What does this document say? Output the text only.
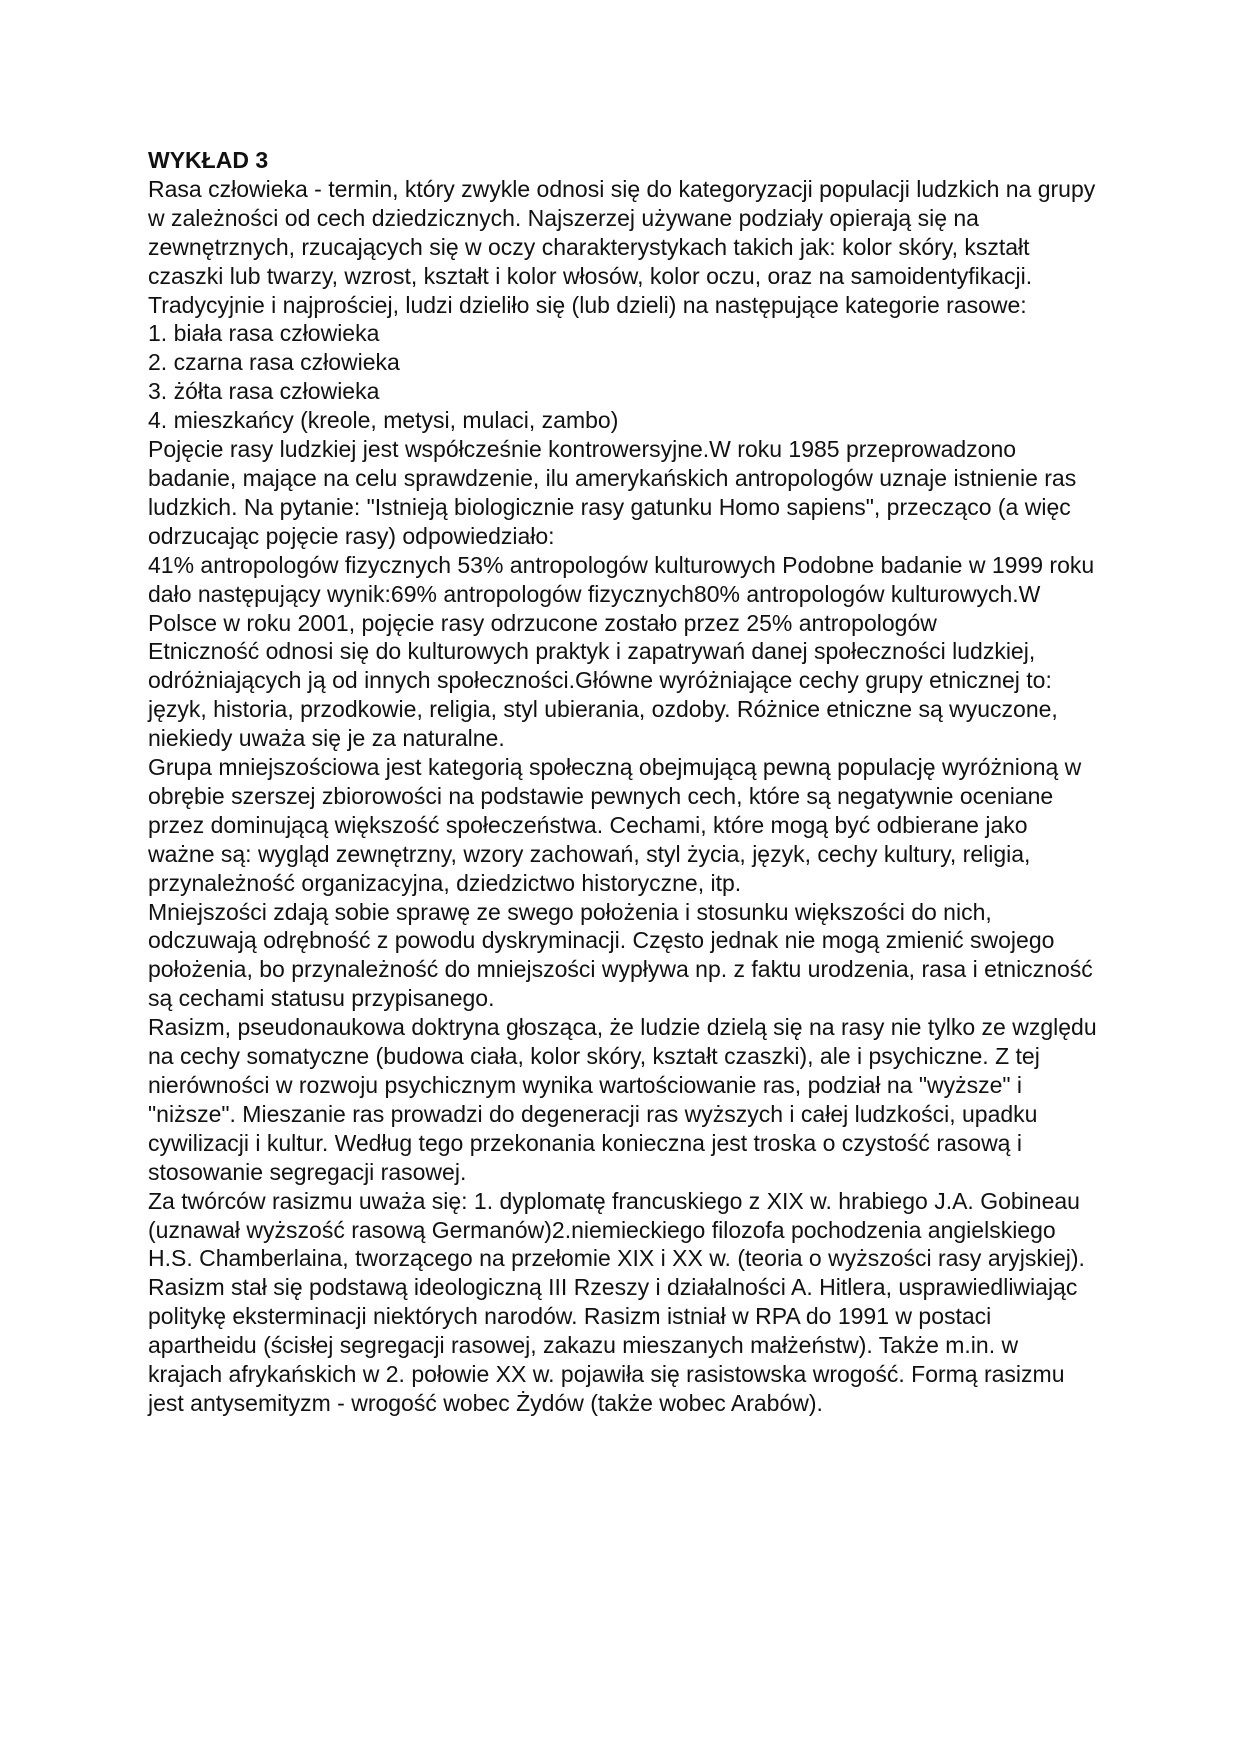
WYKŁAD 3

Rasa człowieka - termin, który zwykle odnosi się do kategoryzacji populacji ludzkich na grupy w zależności od cech dziedzicznych. Najszerzej używane podziały opierają się na zewnętrznych, rzucających się w oczy charakterystykach takich jak: kolor skóry, kształt czaszki lub twarzy, wzrost, kształt i kolor włosów, kolor oczu, oraz na samoidentyfikacji.

Tradycyjnie i najprościej, ludzi dzieliło się (lub dzieli) na następujące kategorie rasowe:

1. biała rasa człowieka
2. czarna rasa człowieka
3. żółta rasa człowieka
4. mieszkańcy (kreole, metysi, mulaci, zambo)

Pojęcie rasy ludzkiej jest współcześnie kontrowersyjne.W roku 1985 przeprowadzono badanie, mające na celu sprawdzenie, ilu amerykańskich antropologów uznaje istnienie ras ludzkich. Na pytanie: "Istnieją biologicznie rasy gatunku Homo sapiens", przecząco (a więc odrzucając pojęcie rasy) odpowiedziało:

41% antropologów fizycznych 53% antropologów kulturowych Podobne badanie w 1999 roku dało następujący wynik:69% antropologów fizycznych80% antropologów kulturowych.W Polsce w roku 2001, pojęcie rasy odrzucone zostało przez 25% antropologów

Etniczność odnosi się do kulturowych praktyk i zapatrywań danej społeczności ludzkiej, odróżniających ją od innych społeczności.Główne wyróżniające cechy grupy etnicznej to: język, historia, przodkowie, religia, styl ubierania, ozdoby. Różnice etniczne są wyuczone, niekiedy uważa się je za naturalne.

Grupa mniejszościowa jest kategorią społeczną obejmującą pewną populację wyróżnioną w obrębie szerszej zbiorowości na podstawie pewnych cech, które są negatywnie oceniane przez dominującą większość społeczeństwa. Cechami, które mogą być odbierane jako ważne są: wygląd zewnętrzny, wzory zachowań, styl życia, język, cechy kultury, religia, przynależność organizacyjna, dziedzictwo historyczne, itp.

Mniejszości zdają sobie sprawę ze swego położenia i stosunku większości do nich, odczuwają odrębność z powodu dyskryminacji. Często jednak nie mogą zmienić swojego położenia, bo przynależność do mniejszości wypływa np. z faktu urodzenia, rasa i etniczność są cechami statusu przypisanego.

Rasizm, pseudonaukowa doktryna głosząca, że ludzie dzielą się na rasy nie tylko ze względu na cechy somatyczne (budowa ciała, kolor skóry, kształt czaszki), ale i psychiczne. Z tej nierówności w rozwoju psychicznym wynika wartościowanie ras, podział na "wyższe" i "niższe". Mieszanie ras prowadzi do degeneracji ras wyższych i całej ludzkości, upadku cywilizacji i kultur. Według tego przekonania konieczna jest troska o czystość rasową i stosowanie segregacji rasowej.

Za twórców rasizmu uważa się: 1. dyplomatę francuskiego z XIX w. hrabiego J.A. Gobineau (uznawał wyższość rasową Germanów)2.niemieckiego filozofa pochodzenia angielskiego H.S. Chamberlaina, tworzącego na przełomie XIX i XX w. (teoria o wyższości rasy aryjskiej).

Rasizm stał się podstawą ideologiczną III Rzeszy i działalności A. Hitlera, usprawiedliwiając politykę eksterminacji niektórych narodów. Rasizm istniał w RPA do 1991 w postaci apartheidu (ścisłej segregacji rasowej, zakazu mieszanych małżeństw). Także m.in. w krajach afrykańskich w 2. połowie XX w. pojawiła się rasistowska wrogość. Formą rasizmu jest antysemityzm - wrogość wobec Żydów (także wobec Arabów).
